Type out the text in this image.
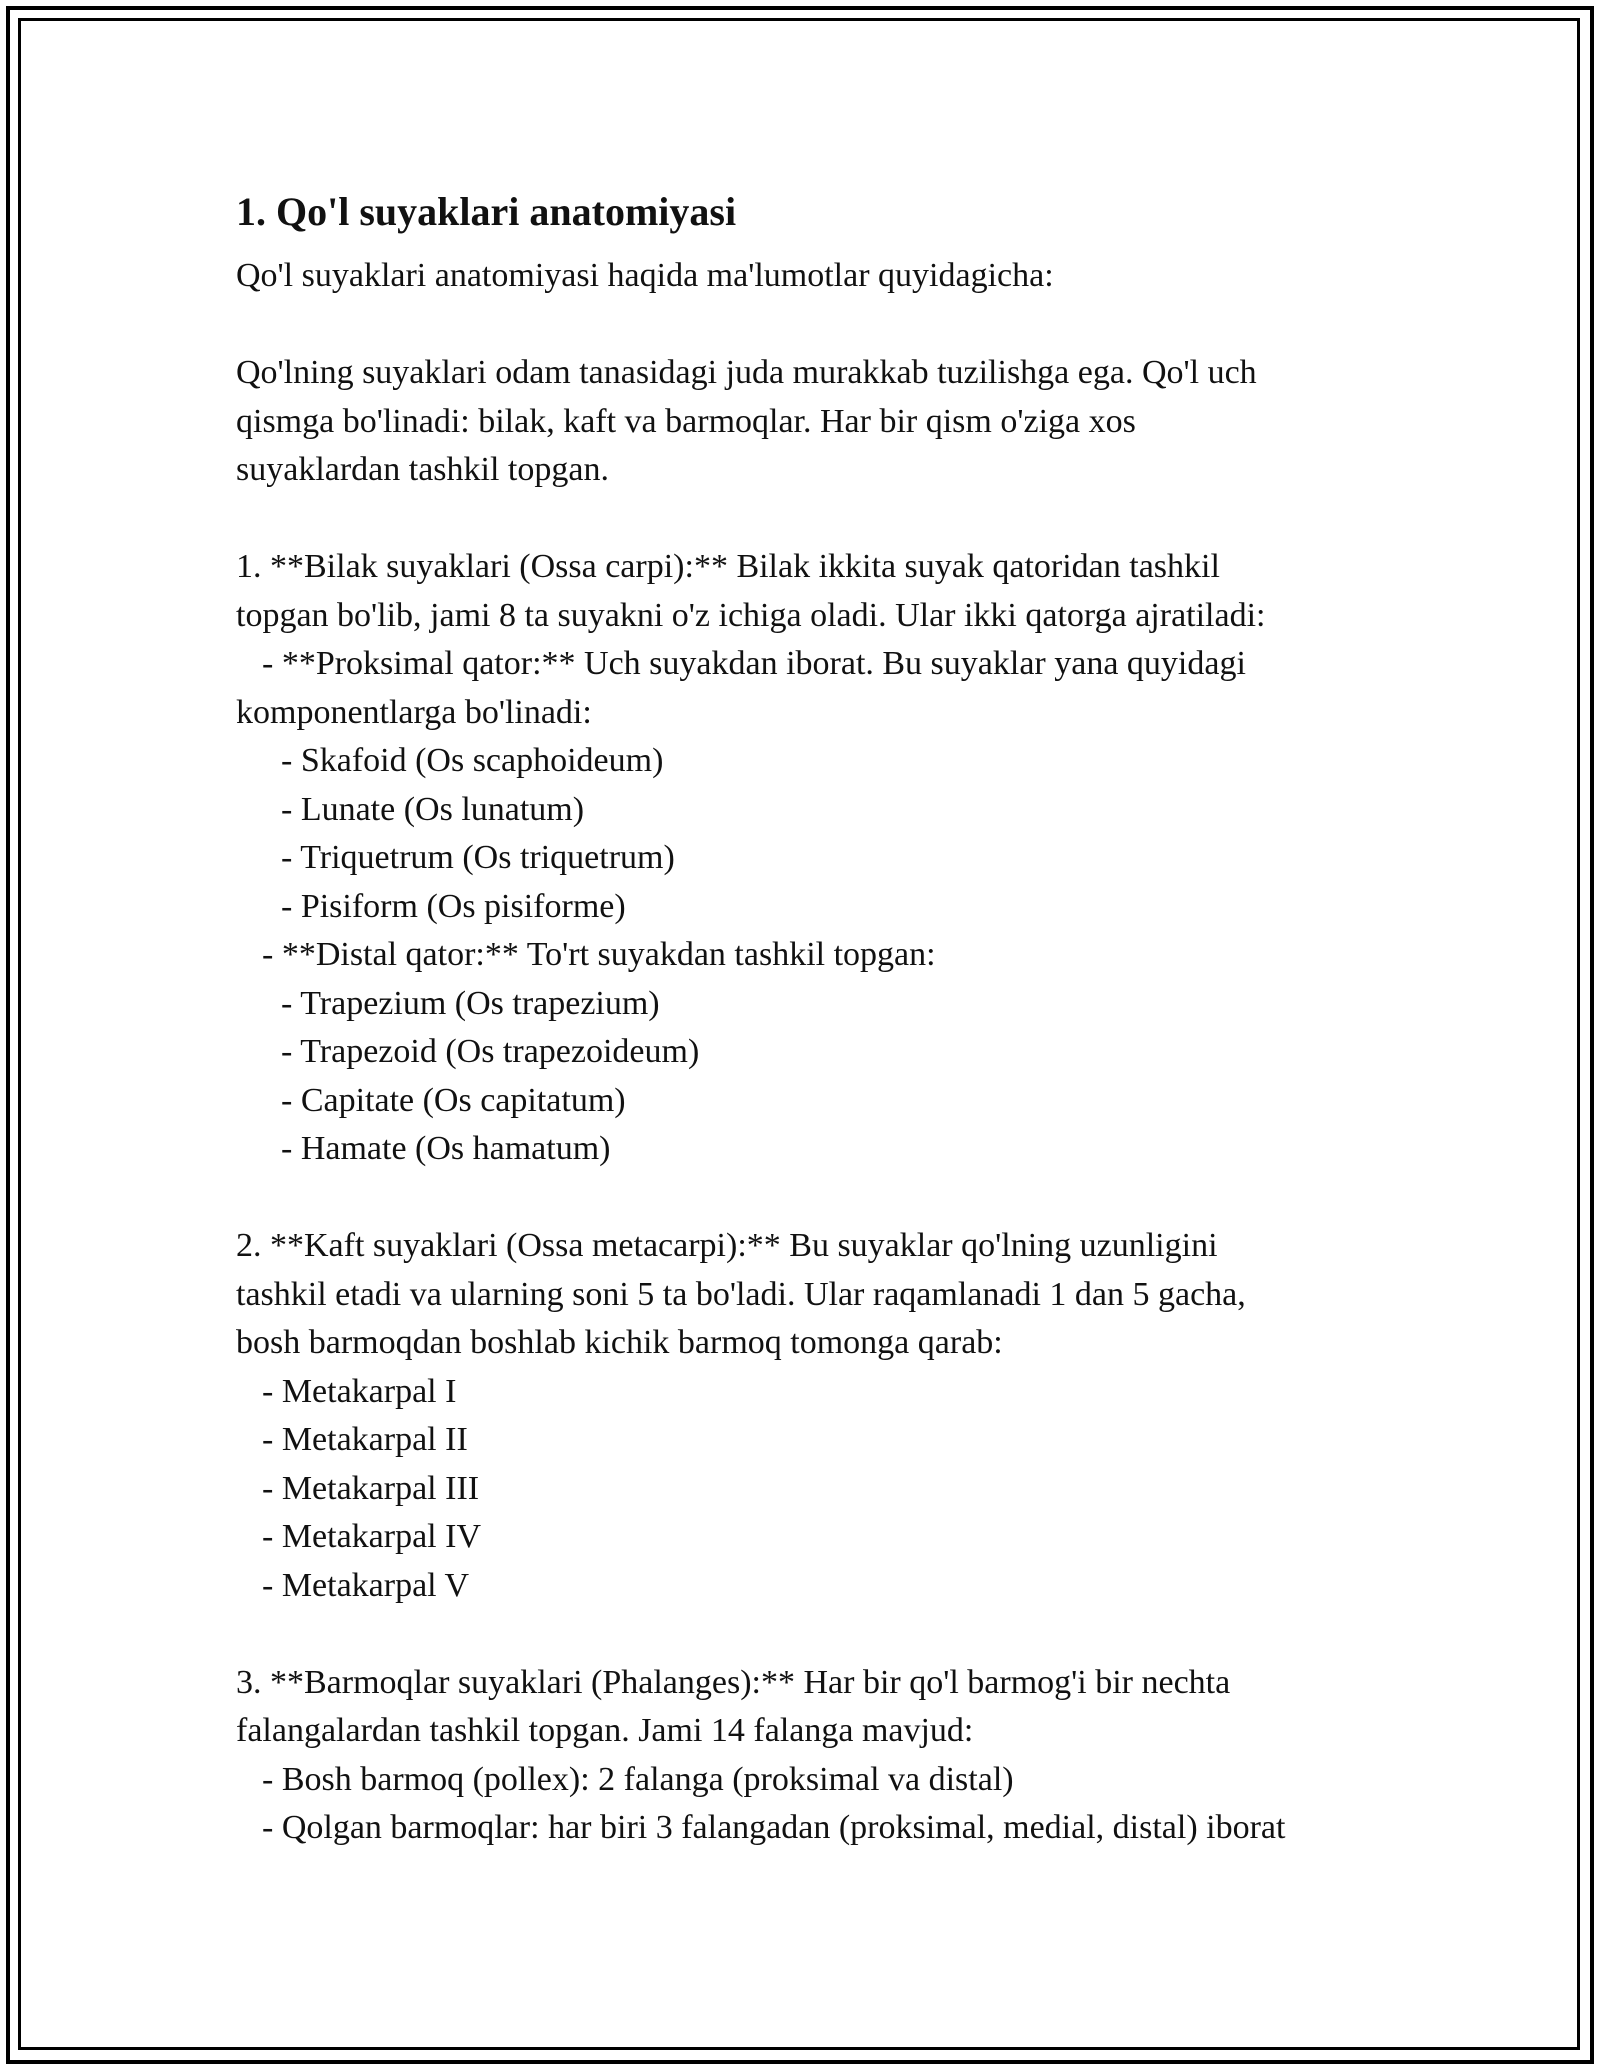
1. Qo'l suyaklari anatomiyasi
Qo'l suyaklari anatomiyasi haqida ma'lumotlar quyidagicha:
Qo'lning suyaklari odam tanasidagi juda murakkab tuzilishga ega. Qo'l uch
qismga bo'linadi: bilak, kaft va barmoqlar. Har bir qism o'ziga xos
suyaklardan tashkil topgan.
1. **Bilak suyaklari (Ossa carpi):** Bilak ikkita suyak qatoridan tashkil
topgan bo'lib, jami 8 ta suyakni o'z ichiga oladi. Ular ikki qatorga ajratiladi:
- **Proksimal qator:** Uch suyakdan iborat. Bu suyaklar yana quyidagi
komponentlarga bo'linadi:
- Skafoid (Os scaphoideum)
- Lunate (Os lunatum)
- Triquetrum (Os triquetrum)
- Pisiform (Os pisiforme)
- **Distal qator:** To'rt suyakdan tashkil topgan:
- Trapezium (Os trapezium)
- Trapezoid (Os trapezoideum)
- Capitate (Os capitatum)
- Hamate (Os hamatum)
2. **Kaft suyaklari (Ossa metacarpi):** Bu suyaklar qo'lning uzunligini
tashkil etadi va ularning soni 5 ta bo'ladi. Ular raqamlanadi 1 dan 5 gacha,
bosh barmoqdan boshlab kichik barmoq tomonga qarab:
- Metakarpal I
- Metakarpal II
- Metakarpal III
- Metakarpal IV
- Metakarpal V
3. **Barmoqlar suyaklari (Phalanges):** Har bir qo'l barmog'i bir nechta
falangalardan tashkil topgan. Jami 14 falanga mavjud:
- Bosh barmoq (pollex): 2 falanga (proksimal va distal)
- Qolgan barmoqlar: har biri 3 falangadan (proksimal, medial, distal) iborat
